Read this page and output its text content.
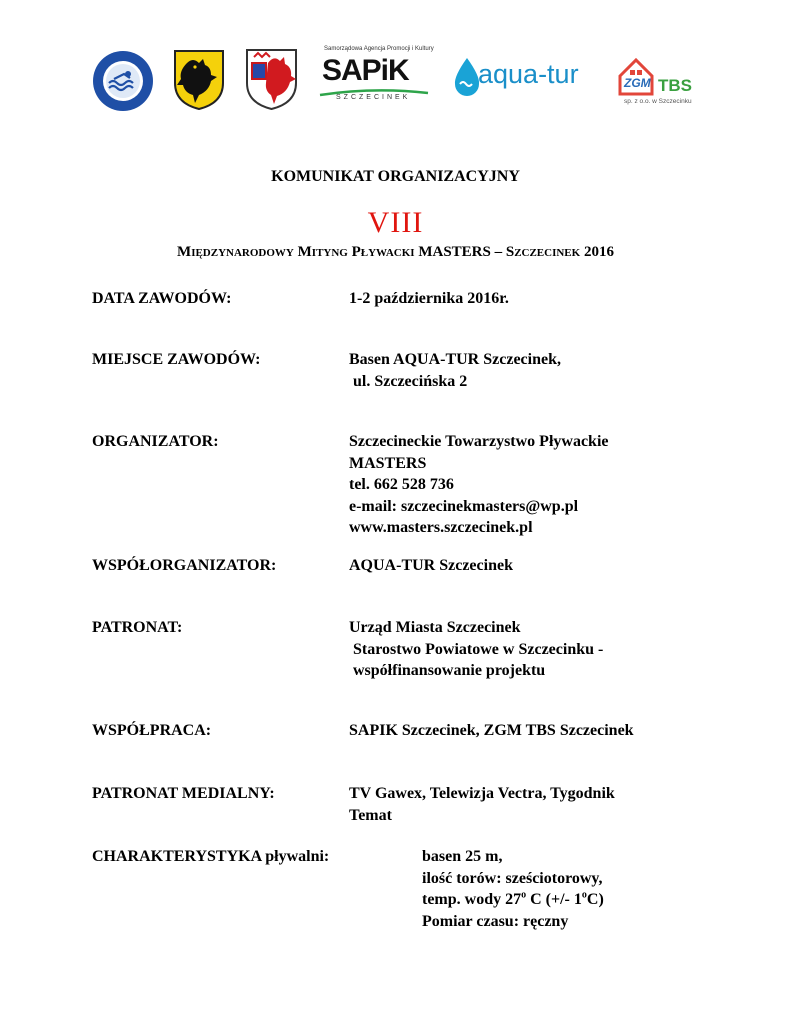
Samorządowa Agencja Promocji i Kultury
SAPiK
SZCZECINEK
aqua-tur	ZGM TBS
sp. z o.o. w Szczecinku
KOMUNIKAT ORGANIZACYJNY
VIII
Międzynarodowy Mityng Pływacki MASTERS – Szczecinek 2016
DATA ZAWODÓW:	1-2 października 2016r.
MIEJSCE ZAWODÓW:	Basen AQUA-TUR Szczecinek,
ul. Szczecińska 2
ORGANIZATOR:	Szczecineckie Towarzystwo Pływackie
MASTERS
tel. 662 528 736
e-mail: szczecinekmasters@wp.pl
www.masters.szczecinek.pl
WSPÓŁORGANIZATOR:	AQUA-TUR Szczecinek
PATRONAT:	Urząd Miasta Szczecinek
Starostwo Powiatowe w Szczecinku -
współfinansowanie projektu
WSPÓŁPRACA:	SAPIK Szczecinek, ZGM TBS Szczecinek
PATRONAT MEDIALNY:	TV Gawex, Telewizja Vectra, Tygodnik
Temat
CHARAKTERYSTYKA pływalni:	basen 25 m,
ilość torów: sześciotorowy,
temp. wody 27$^o$ C (+/- 1$^o$C)
Pomiar czasu: ręczny
